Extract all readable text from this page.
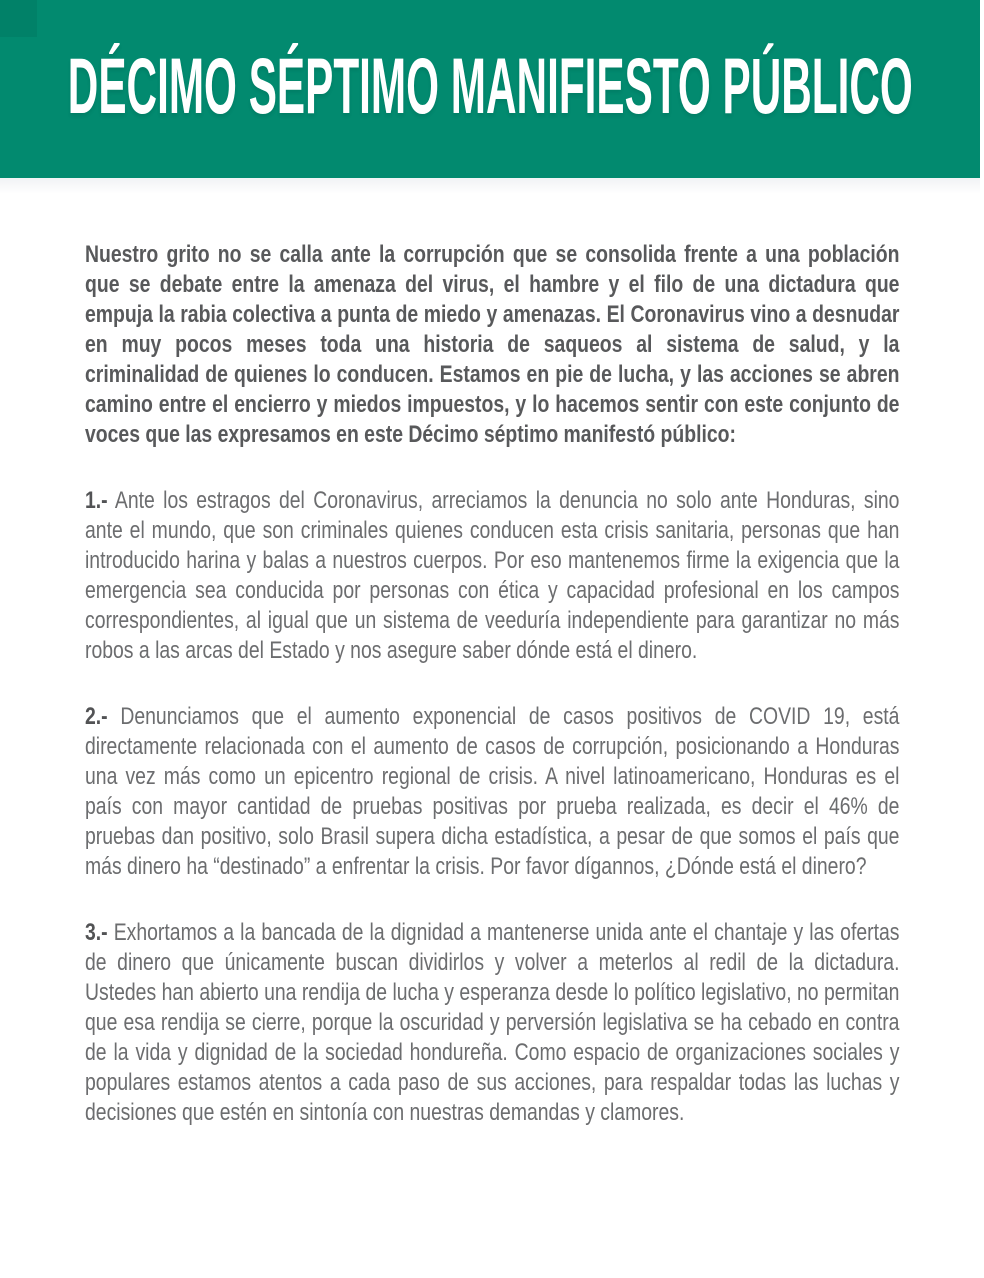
DÉCIMO SÉPTIMO MANIFIESTO PÚBLICO

Nuestro grito no se calla ante la corrupción que se consolida frente a una población que se debate entre la amenaza del virus, el hambre y el filo de una dictadura que empuja la rabia colectiva a punta de miedo y amenazas. El Coronavirus vino a desnudar en muy pocos meses toda una historia de saqueos al sistema de salud, y la criminalidad de quienes lo conducen. Estamos en pie de lucha, y las acciones se abren camino entre el encierro y miedos impuestos, y lo hacemos sentir con este conjunto de voces que las expresamos en este Décimo séptimo manifestó público:

1.- Ante los estragos del Coronavirus, arreciamos la denuncia no solo ante Honduras, sino ante el mundo, que son criminales quienes conducen esta crisis sanitaria, personas que han introducido harina y balas a nuestros cuerpos. Por eso mantenemos firme la exigencia que la emergencia sea conducida por personas con ética y capacidad profesional en los campos correspondientes, al igual que un sistema de veeduría independiente para garantizar no más robos a las arcas del Estado y nos asegure saber dónde está el dinero.

2.- Denunciamos que el aumento exponencial de casos positivos de COVID 19, está directamente relacionada con el aumento de casos de corrupción, posicionando a Honduras una vez más como un epicentro regional de crisis. A nivel latinoamericano, Honduras es el país con mayor cantidad de pruebas positivas por prueba realizada, es decir el 46% de pruebas dan positivo, solo Brasil supera dicha estadística, a pesar de que somos el país que más dinero ha “destinado” a enfrentar la crisis. Por favor dígannos, ¿Dónde está el dinero?

3.- Exhortamos a la bancada de la dignidad a mantenerse unida ante el chantaje y las ofertas de dinero que únicamente buscan dividirlos y volver a meterlos al redil de la dictadura. Ustedes han abierto una rendija de lucha y esperanza desde lo político legislativo, no permitan que esa rendija se cierre, porque la oscuridad y perversión legislativa se ha cebado en contra de la vida y dignidad de la sociedad hondureña. Como espacio de organizaciones sociales y populares estamos atentos a cada paso de sus acciones, para respaldar todas las luchas y decisiones que estén en sintonía con nuestras demandas y clamores.
